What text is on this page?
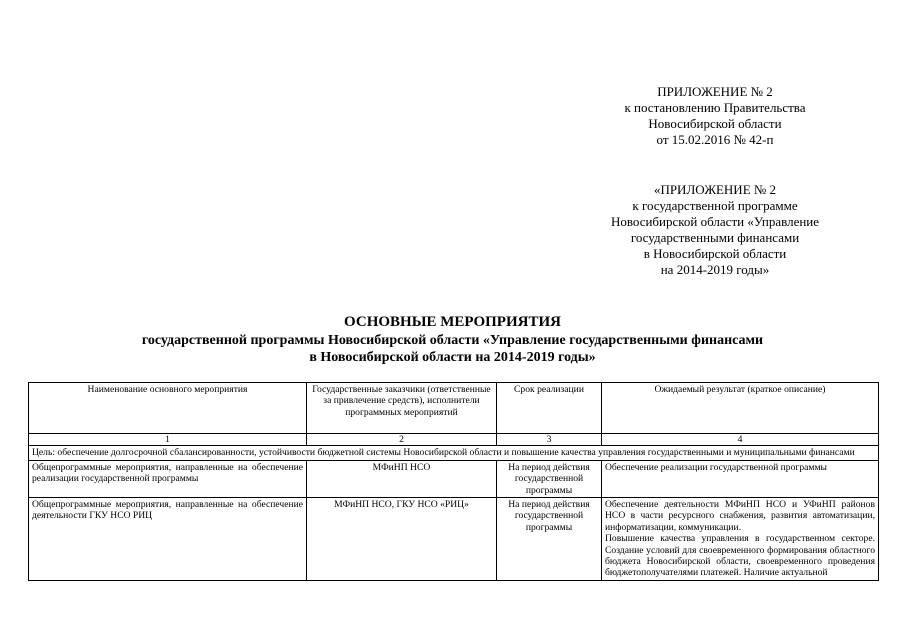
ПРИЛОЖЕНИЕ № 2
к постановлению Правительства
Новосибирской области
от 15.02.2016 № 42-п
«ПРИЛОЖЕНИЕ № 2
к государственной программе
Новосибирской области «Управление
государственными финансами
в Новосибирской области
на 2014-2019 годы»
ОСНОВНЫЕ МЕРОПРИЯТИЯ
государственной программы Новосибирской области «Управление государственными финансами
в Новосибирской области на 2014-2019 годы»
Наименование основного мероприятия	Государственные заказчики (ответственные за привлечение средств), исполнители программных мероприятий	Срок реализации	Ожидаемый результат (краткое описание)
1	2	3	4
Цель: обеспечение долгосрочной сбалансированности, устойчивости бюджетной системы Новосибирской области и повышение качества управления государственными и муниципальными финансами			
Общепрограммные мероприятия, направленные на обеспечение реализации государственной программы	МФиНП НСО	На период действия государственной программы	Обеспечение реализации государственной программы
Общепрограммные мероприятия, направленные на обеспечение деятельности ГКУ НСО РИЦ	МФиНП НСО, ГКУ НСО «РИЦ»	На период действия государственной программы	Обеспечение деятельности МФиНП НСО и УФиНП районов НСО в части ресурсного снабжения, развития автоматизации, информатизации, коммуникации.
Повышение качества управления в государственном секторе. Создание условий для своевременного формирования областного бюджета Новосибирской области, своевременного проведения бюджетополучателями платежей. Наличие актуальной
